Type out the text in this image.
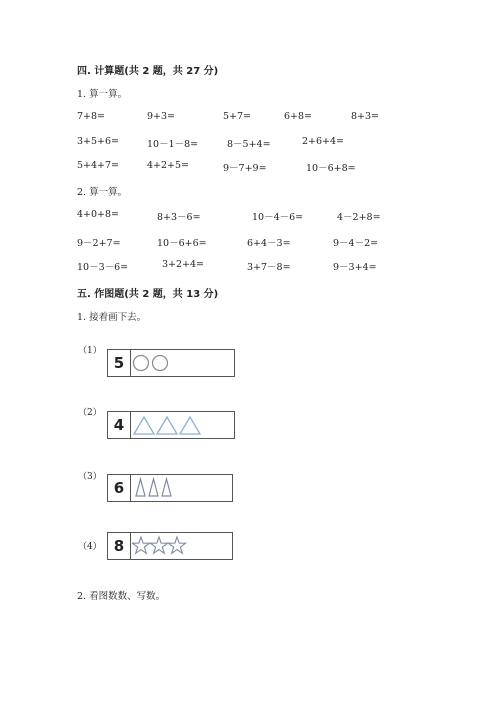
四. 计算题(共 2 题，共 27 分)
1. 算一算。
7+8=	9+3=	5+7=	6+8=	8+3=
3+5+6=	10－1－8=	8－5+4=	2+6+4=
5+4+7=	4+2+5=	9－7+9=	10－6+8=
2. 算一算。
4+0+8=	8+3－6=	10－4－6=	4－2+8=
9－2+7=	10－6+6=	6+4－3=	9－4－2=
10－3－6=	3+2+4=	3+7－8=	9－3+4=
五. 作图题(共 2 题，共 13 分)
1. 接着画下去。
（1）
5
（2）
4
（3）
6
（4） 8
2. 看图数数、写数。
